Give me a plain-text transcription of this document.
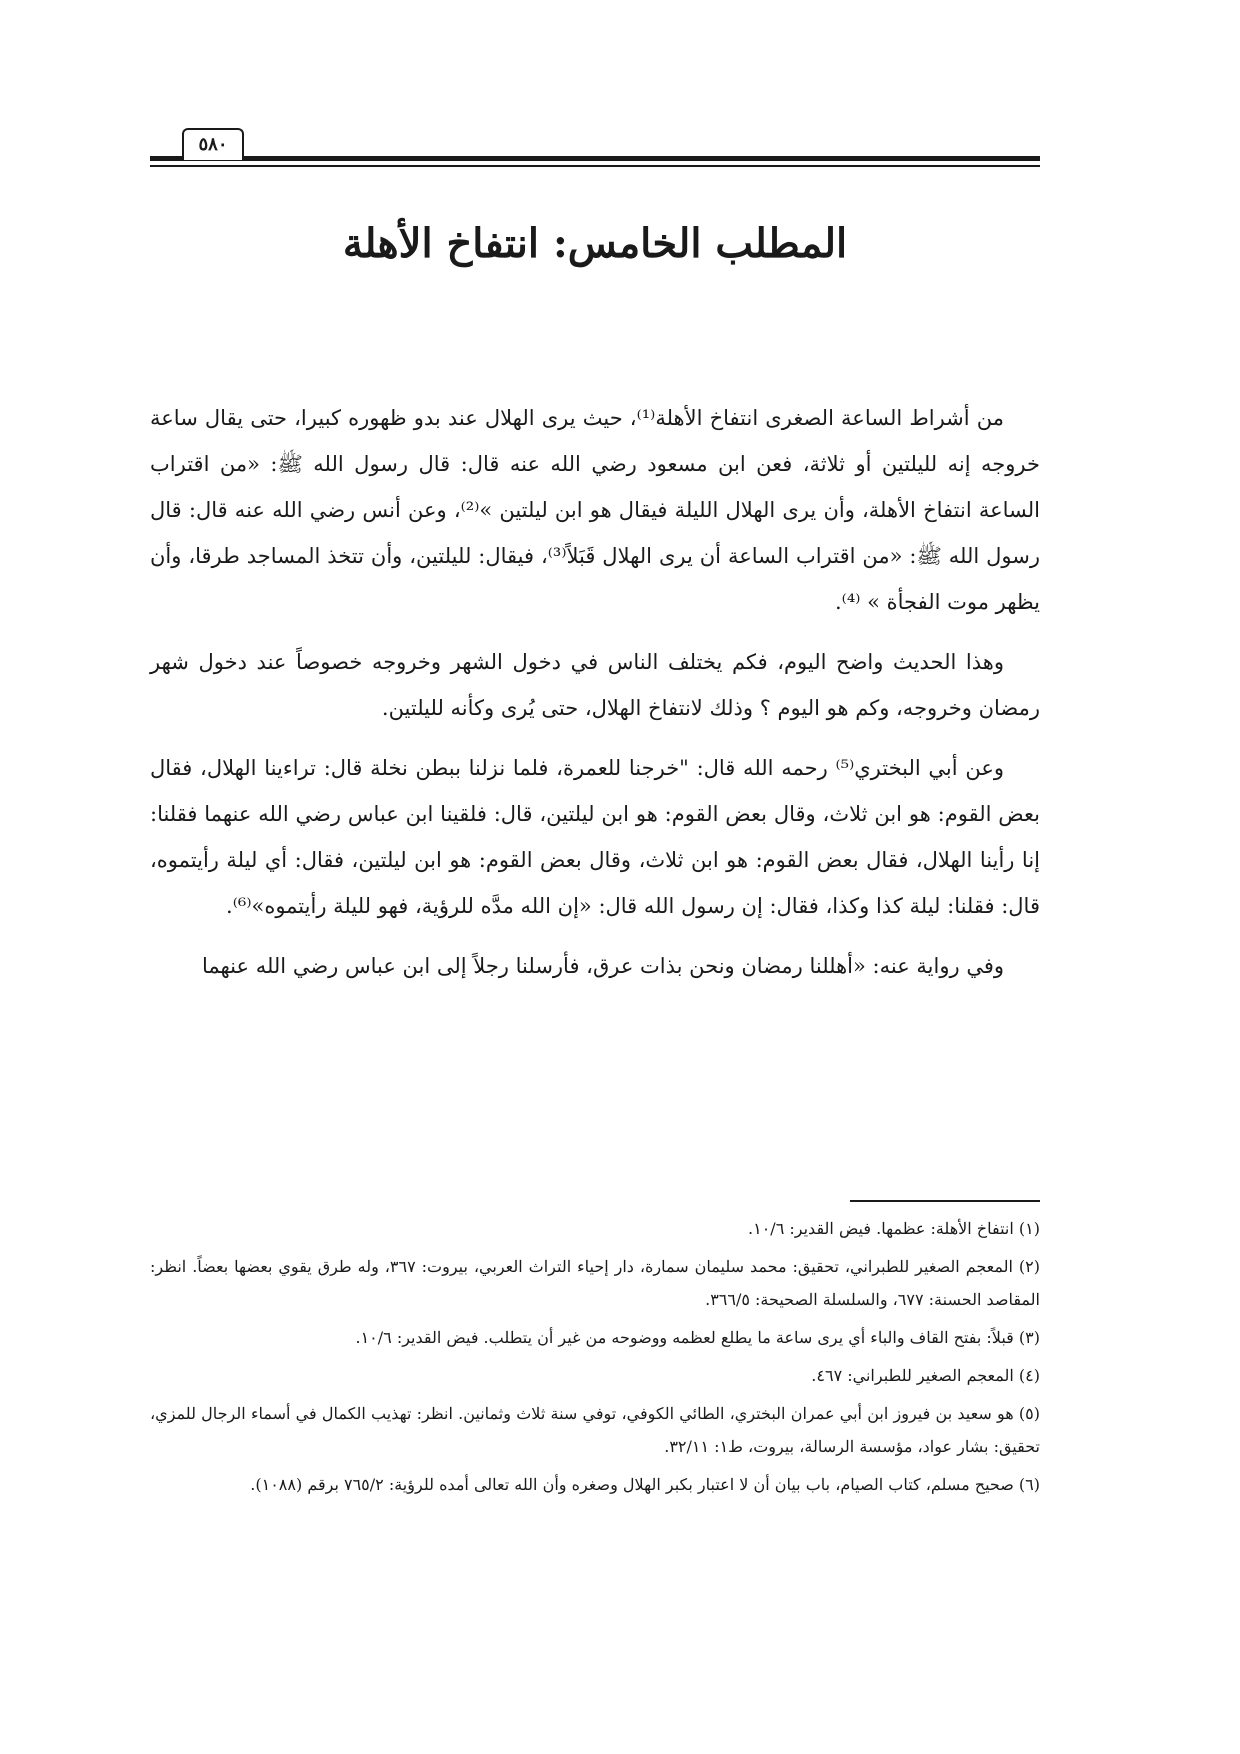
٥٨٠
المطلب الخامس: انتفاخ الأهلة

من أشراط الساعة الصغرى انتفاخ الأهلة⁽¹⁾، حيث يرى الهلال عند بدو ظهوره كبيرا، حتى يقال ساعة خروجه إنه لليلتين أو ثلاثة، فعن ابن مسعود رضي الله عنه قال: قال رسول الله ﷺ: «من اقتراب الساعة انتفاخ الأهلة، وأن يرى الهلال الليلة فيقال هو ابن ليلتين »⁽²⁾، وعن أنس رضي الله عنه قال: قال رسول الله ﷺ: «من اقتراب الساعة أن يرى الهلال قَبَلاً⁽³⁾، فيقال: لليلتين، وأن تتخذ المساجد طرقا، وأن يظهر موت الفجأة » ⁽⁴⁾.

وهذا الحديث واضح اليوم، فكم يختلف الناس في دخول الشهر وخروجه خصوصاً عند دخول شهر رمضان وخروجه، وكم هو اليوم ؟ وذلك لانتفاخ الهلال، حتى يُرى وكأنه لليلتين.

وعن أبي البختري⁽⁵⁾ رحمه الله قال: "خرجنا للعمرة، فلما نزلنا ببطن نخلة قال: تراءينا الهلال، فقال بعض القوم: هو ابن ثلاث، وقال بعض القوم: هو ابن ليلتين، قال: فلقينا ابن عباس رضي الله عنهما فقلنا: إنا رأينا الهلال، فقال بعض القوم: هو ابن ثلاث، وقال بعض القوم: هو ابن ليلتين، فقال: أي ليلة رأيتموه، قال: فقلنا: ليلة كذا وكذا، فقال: إن رسول الله قال: «إن الله مدَّه للرؤية، فهو لليلة رأيتموه»⁽⁶⁾.

وفي رواية عنه: «أهللنا رمضان ونحن بذات عرق، فأرسلنا رجلاً إلى ابن عباس رضي الله عنهما

(١) انتفاخ الأهلة: عظمها. فيض القدير: ١٠/٦.

(٢) المعجم الصغير للطبراني، تحقيق: محمد سليمان سمارة، دار إحياء التراث العربي، بيروت: ٣٦٧، وله طرق يقوي بعضها بعضاً. انظر: المقاصد الحسنة: ٦٧٧، والسلسلة الصحيحة: ٣٦٦/٥.

(٣) قبلاً: بفتح القاف والباء أي يرى ساعة ما يطلع لعظمه ووضوحه من غير أن يتطلب. فيض القدير: ١٠/٦.

(٤) المعجم الصغير للطبراني: ٤٦٧.

(٥) هو سعيد بن فيروز ابن أبي عمران البختري، الطائي الكوفي، توفي سنة ثلاث وثمانين. انظر: تهذيب الكمال في أسماء الرجال للمزي، تحقيق: بشار عواد، مؤسسة الرسالة، بيروت، ط١: ٣٢/١١.

(٦) صحيح مسلم، كتاب الصيام، باب بيان أن لا اعتبار بكبر الهلال وصغره وأن الله تعالى أمده للرؤية: ٧٦٥/٢ برقم (١٠٨٨).
